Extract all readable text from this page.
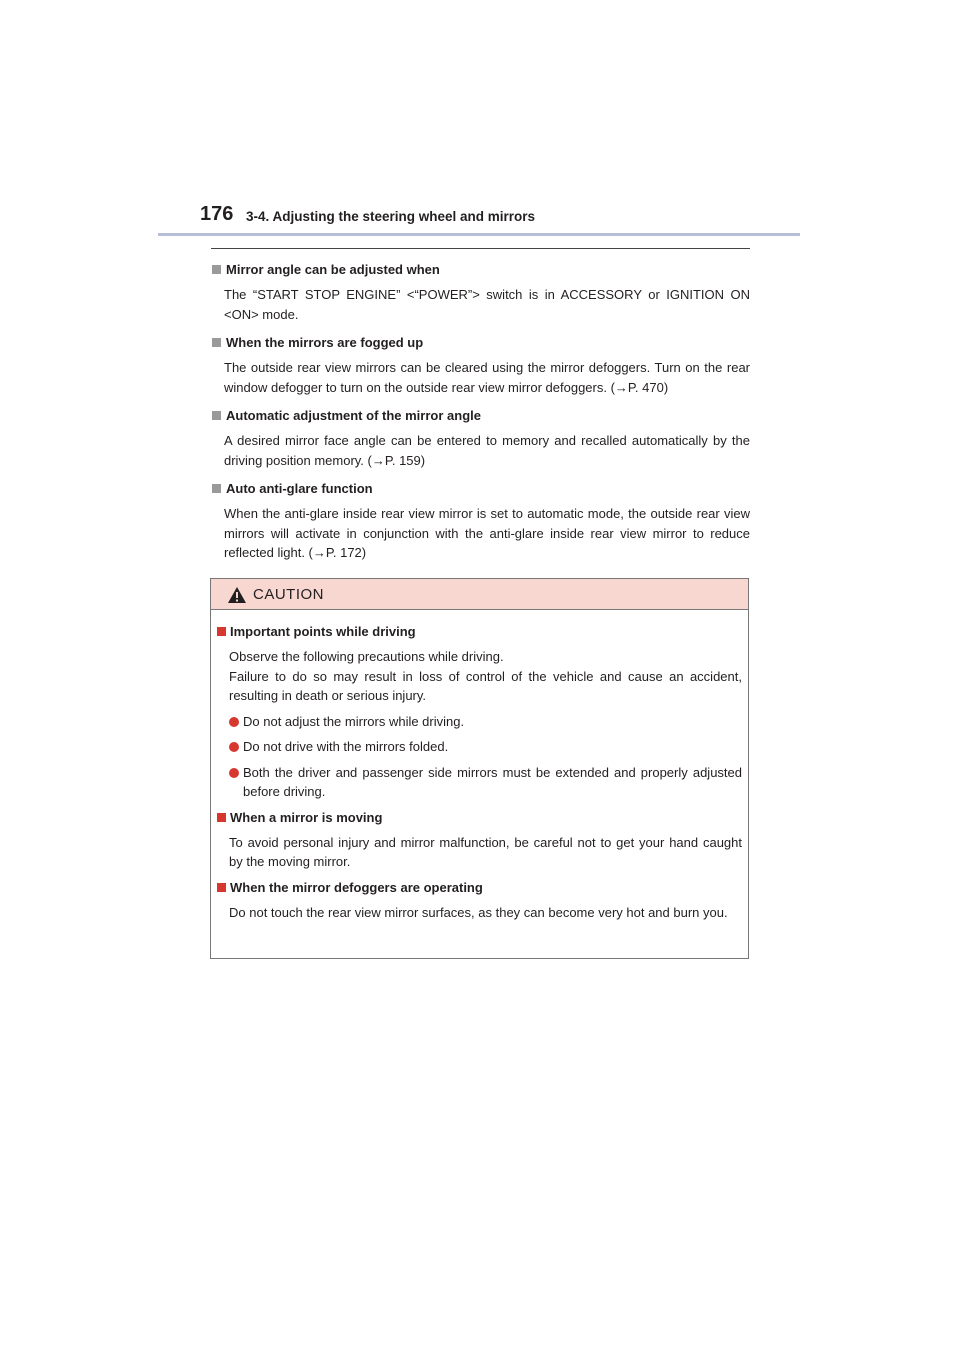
176 3-4. Adjusting the steering wheel and mirrors
Mirror angle can be adjusted when
The “START STOP ENGINE” <“POWER”> switch is in ACCESSORY or IGNITION ON <ON> mode.
When the mirrors are fogged up
The outside rear view mirrors can be cleared using the mirror defoggers. Turn on the rear window defogger to turn on the outside rear view mirror defoggers. (→P. 470)
Automatic adjustment of the mirror angle
A desired mirror face angle can be entered to memory and recalled automatically by the driving position memory. (→P. 159)
Auto anti-glare function
When the anti-glare inside rear view mirror is set to automatic mode, the outside rear view mirrors will activate in conjunction with the anti-glare inside rear view mirror to reduce reflected light. (→P. 172)
CAUTION
Important points while driving
Observe the following precautions while driving.
Failure to do so may result in loss of control of the vehicle and cause an accident, resulting in death or serious injury.
Do not adjust the mirrors while driving.
Do not drive with the mirrors folded.
Both the driver and passenger side mirrors must be extended and properly adjusted before driving.
When a mirror is moving
To avoid personal injury and mirror malfunction, be careful not to get your hand caught by the moving mirror.
When the mirror defoggers are operating
Do not touch the rear view mirror surfaces, as they can become very hot and burn you.
